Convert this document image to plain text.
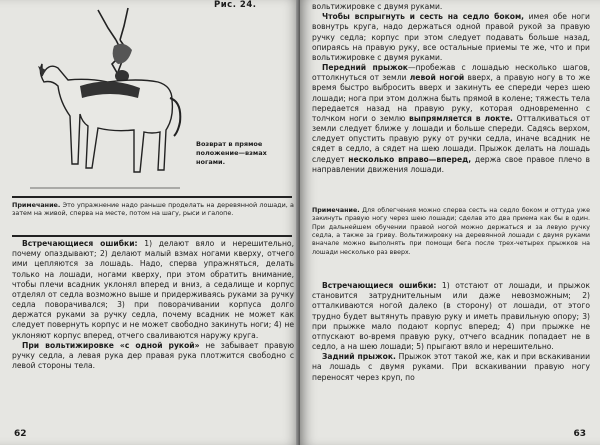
Рис. 24.
Возврат в прямое положение—взмах ногами.
Примечание. Это упражнение надо раньше проделать на деревянной лошади, а затем на живой, сперва на месте, потом на шагу, рыси и галопе.

Встречающиеся ошибки: 1) делают вяло и нерешительно, почему опаздывают; 2) делают малый взмах ногами кверху, отчего ими цепляются за лошадь. Надо, сперва упражняться, делать только на лошади, ногами кверху, при этом обратить внимание, чтобы плечи всадник уклонял вперед и вниз, а седалище и корпус отделял от седла возможно выше и придерживаясь руками за ручку седла поворачивался; 3) при поворачивании корпуса долго держатся руками за ручку седла, почему всадник не может как следует повернуть корпус и не может свободно закинуть ноги; 4) не уклоняют корпус вперед, отчего сваливаются наружу круга.

При вольтижировке «с одной рукой» не забывает правую ручку седла, а левая рука дер правая рука плотжится свободно с левой стороны тела.

62

вольтижировке с двумя руками.

Чтобы вспрыгнуть и сесть на седло боком, имея обе ноги вовнутрь круга, надо держаться одной правой рукой за правую ручку седла; корпус при этом следует подавать больше назад, опираясь на правую руку, все остальные приемы те же, что и при вольтижировке с двумя руками.

Передний прыжок—пробежав с лошадью несколько шагов, оттолкнуться от земли левой ногой вверх, а правую ногу в то же время быстро выбросить вверх и закинуть ее спереди через шею лошади; нога при этом должна быть прямой в колене; тяжесть тела передается назад на правую руку, которая одновременно с толчком ноги о землю выпрямляется в локте. Отталкиваться от земли следует ближе у лошади и больше спереди. Садясь верхом, следует опустить правую руку от ручки седла, иначе всадник не сядет в седло, а сядет на шею лошади. Прыжок делать на лошадь следует несколько вправо—вперед, держа свое правое плечо в направлении движения лошади.

Примечание. Для облегчения можно сперва сесть на седло боком и оттуда уже закинуть правую ногу через шею лошади; сделав это два приема как бы в один. При дальнейшем обучении правой ногой можно держаться и за левую ручку седла, а также за гриву. Вольтижировку на деревянной лошади с двумя руками вначале можно выполнять при помощи бега после трех-четырех прыжков на лошади несколько раз вверх.

Встречающиеся ошибки: 1) отстают от лошади, и прыжок становится затруднительным или даже невозможным; 2) отталкиваются ногой далеко (в сторону) от лошади, от этого трудно будет вытянуть правую руку и иметь правильную опору; 3) при прыжке мало подают корпус вперед; 4) при прыжке не отпускают во-время правую руку, отчего всадник попадает не в седло, а на шею лошади; 5) прыгают вяло и нерешительно.

Задний прыжок. Прыжок этот такой же, как и при вскакивании на лошадь с двумя руками. При вскакивании правую ногу переносят через круп, по

63
